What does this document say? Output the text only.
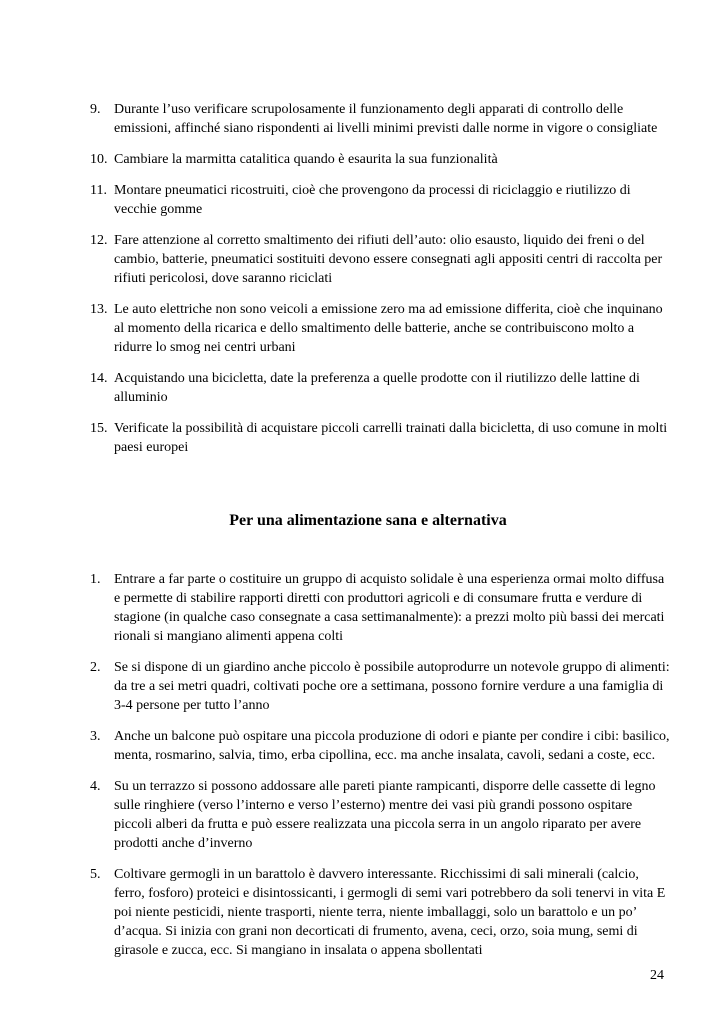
9. Durante l’uso verificare scrupolosamente il funzionamento degli apparati di controllo delle emissioni, affinché siano rispondenti ai livelli minimi previsti dalle norme in vigore o consigliate
10. Cambiare la marmitta catalitica quando è esaurita la sua funzionalità
11. Montare pneumatici ricostruiti, cioè che provengono da processi di riciclaggio e riutilizzo di vecchie gomme
12. Fare attenzione al corretto smaltimento dei rifiuti dell’auto: olio esausto, liquido dei freni o del cambio, batterie, pneumatici sostituiti devono essere consegnati agli appositi centri di raccolta per rifiuti pericolosi, dove saranno riciclati
13. Le auto elettriche non sono veicoli a emissione zero ma ad emissione differita, cioè che inquinano al momento della ricarica e dello smaltimento delle batterie, anche se contribuiscono molto a ridurre lo smog nei centri urbani
14. Acquistando una bicicletta, date la preferenza a quelle prodotte con il riutilizzo delle lattine di alluminio
15. Verificate la possibilità di acquistare piccoli carrelli trainati dalla bicicletta, di uso comune in molti paesi europei
Per una alimentazione sana e alternativa
1. Entrare a far parte o costituire un gruppo di acquisto solidale è una esperienza ormai molto diffusa e permette di stabilire rapporti diretti con produttori agricoli e di consumare frutta e verdure di stagione (in qualche caso consegnate a casa settimanalmente): a prezzi molto più bassi dei mercati rionali si mangiano alimenti appena colti
2. Se si dispone di un giardino anche piccolo è possibile autoprodurre un notevole gruppo di alimenti: da tre a sei metri quadri, coltivati poche ore a settimana, possono fornire verdure a una famiglia di 3-4 persone per tutto l’anno
3. Anche un balcone può ospitare una piccola produzione di odori e piante per condire i cibi: basilico, menta, rosmarino, salvia, timo, erba cipollina, ecc. ma anche insalata, cavoli, sedani a coste, ecc.
4. Su un terrazzo si possono addossare alle pareti piante rampicanti, disporre delle cassette di legno sulle ringhiere (verso l’interno e verso l’esterno) mentre dei vasi più grandi possono ospitare piccoli alberi da frutta e può essere realizzata una piccola serra in un angolo riparato per avere prodotti anche d’inverno
5. Coltivare germogli in un barattolo è davvero interessante. Ricchissimi di sali minerali (calcio, ferro, fosforo) proteici e disintossicanti, i germogli di semi vari potrebbero da soli tenervi in vita E poi niente pesticidi, niente trasporti, niente terra, niente imballaggi, solo un barattolo e un po’ d’acqua. Si inizia con grani non decorticati di frumento, avena, ceci, orzo, soia mung, semi di girasole e zucca, ecc. Si mangiano in insalata o appena sbollentati
24
